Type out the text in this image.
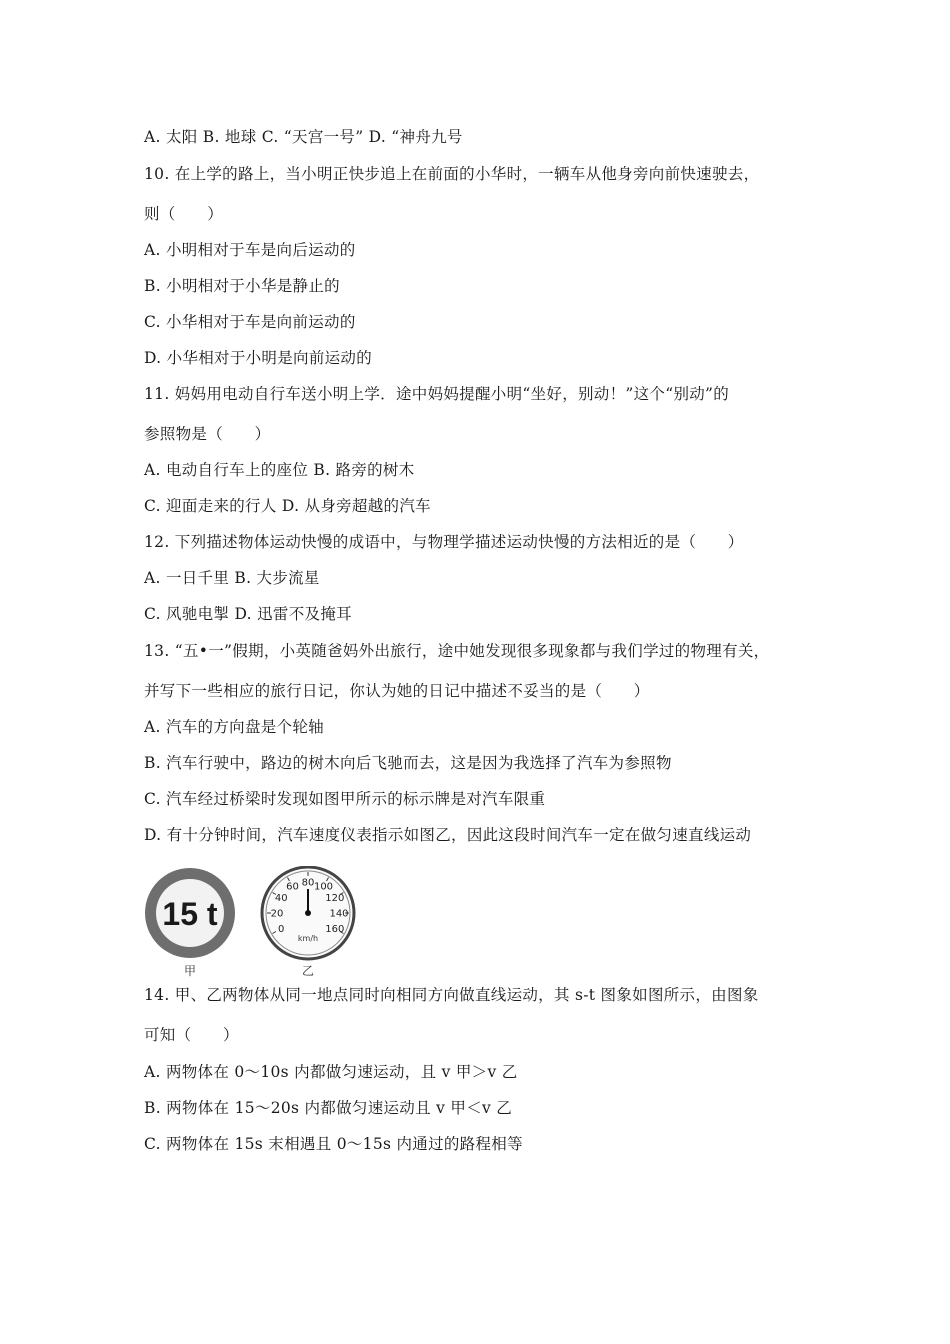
A. 太阳 B. 地球 C. “天宫一号” D. “神舟九号
10. 在上学的路上，当小明正快步追上在前面的小华时，一辆车从他身旁向前快速驶去，
则（　　）
A. 小明相对于车是向后运动的
B. 小明相对于小华是静止的
C. 小华相对于车是向前运动的
D. 小华相对于小明是向前运动的
11. 妈妈用电动自行车送小明上学．途中妈妈提醒小明“坐好，别动！”这个“别动”的
参照物是（　　）
A. 电动自行车上的座位 B. 路旁的树木
C. 迎面走来的行人 D. 从身旁超越的汽车
12. 下列描述物体运动快慢的成语中，与物理学描述运动快慢的方法相近的是（　　）
A. 一日千里 B. 大步流星
C. 风驰电掣 D. 迅雷不及掩耳
13. “五•一”假期，小英随爸妈外出旅行，途中她发现很多现象都与我们学过的物理有关，
并写下一些相应的旅行日记，你认为她的日记中描述不妥当的是（　　）
A. 汽车的方向盘是个轮轴
B. 汽车行驶中，路边的树木向后飞驰而去，这是因为我选择了汽车为参照物
C. 汽车经过桥梁时发现如图甲所示的标示牌是对汽车限重
D. 有十分钟时间，汽车速度仪表指示如图乙，因此这段时间汽车一定在做匀速直线运动
15 t	0
20
40
60 80 100
120
140
160
km/h
甲	乙
14. 甲、乙两物体从同一地点同时向相同方向做直线运动，其 s-t 图象如图所示，由图象
可知（　　）
A. 两物体在 0～10s 内都做匀速运动，且 v 甲＞v 乙
B. 两物体在 15～20s 内都做匀速运动且 v 甲＜v 乙
C. 两物体在 15s 末相遇且 0～15s 内通过的路程相等
